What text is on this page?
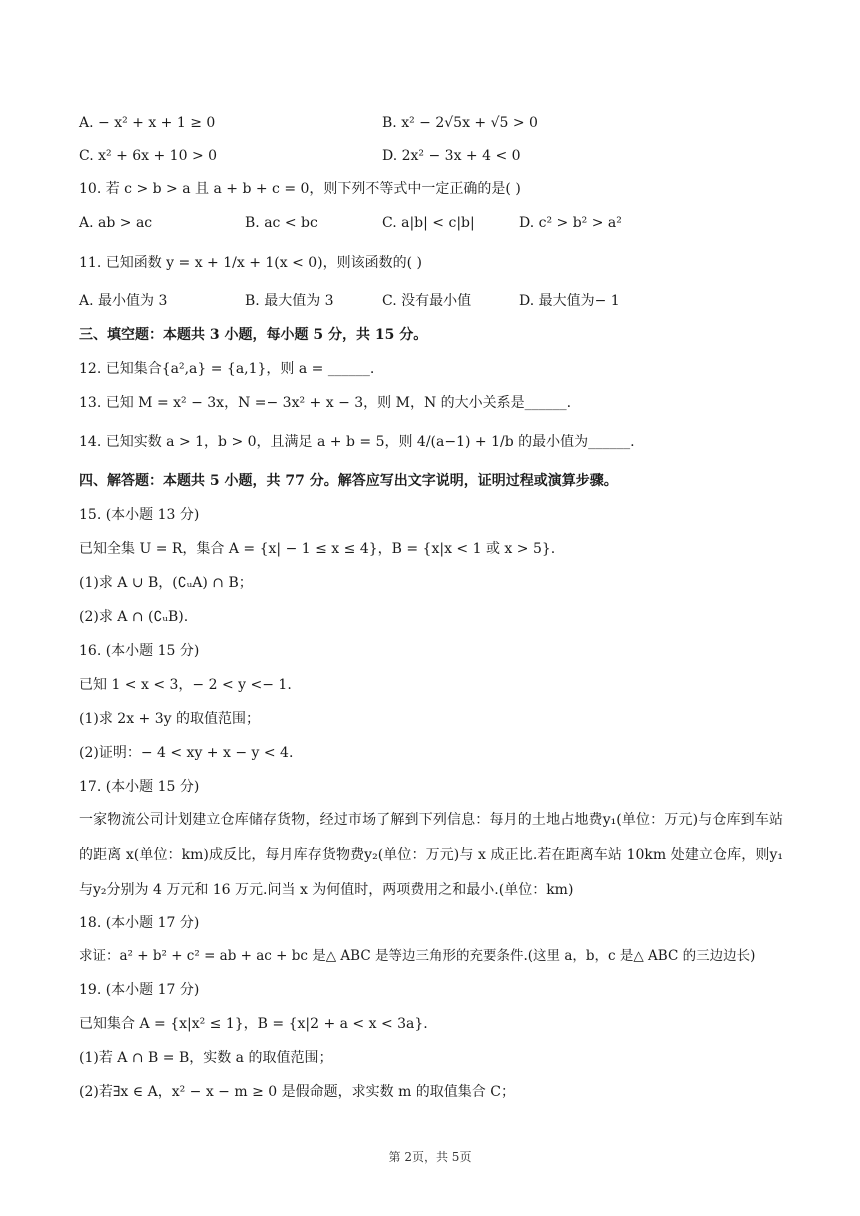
A. − x² + x + 1 ≥ 0	B. x² − 2√5x + √5 > 0
C. x² + 6x + 10 > 0	D. 2x² − 3x + 4 < 0
10. 若 c > b > a 且 a + b + c = 0，则下列不等式中一定正确的是( )
A. ab > ac	B. ac < bc	C. a|b| < c|b|	D. c² > b² > a²
11. 已知函数 y = x + 1/x + 1(x < 0)，则该函数的( )
A. 最小值为 3	B. 最大值为 3	C. 没有最小值	D. 最大值为− 1
三、填空题：本题共 3 小题，每小题 5 分，共 15 分。
12. 已知集合{a²,a} = {a,1}，则 a = ______.
13. 已知 M = x² − 3x，N =− 3x² + x − 3，则 M，N 的大小关系是______.
14. 已知实数 a > 1，b > 0，且满足 a + b = 5，则 4/(a−1) + 1/b 的最小值为______.
四、解答题：本题共 5 小题，共 77 分。解答应写出文字说明，证明过程或演算步骤。
15. (本小题 13 分)
已知全集 U = R，集合 A = {x| − 1 ≤ x ≤ 4}，B = {x|x < 1 或 x > 5}.
(1)求 A ∪ B，(∁ᵤA) ∩ B；
(2)求 A ∩ (∁ᵤB).
16. (本小题 15 分)
已知 1 < x < 3，− 2 < y <− 1.
(1)求 2x + 3y 的取值范围；
(2)证明：− 4 < xy + x − y < 4.
17. (本小题 15 分)
一家物流公司计划建立仓库储存货物，经过市场了解到下列信息：每月的土地占地费y₁(单位：万元)与仓库到车站的距离 x(单位：km)成反比，每月库存货物费y₂(单位：万元)与 x 成正比.若在距离车站 10km 处建立仓库，则y₁与y₂分别为 4 万元和 16 万元.问当 x 为何值时，两项费用之和最小.(单位：km)
18. (本小题 17 分)
求证：a² + b² + c² = ab + ac + bc 是△ ABC 是等边三角形的充要条件.(这里 a，b，c 是△ ABC 的三边边长)
19. (本小题 17 分)
已知集合 A = {x|x² ≤ 1}，B = {x|2 + a < x < 3a}.
(1)若 A ∩ B = B，实数 a 的取值范围；
(2)若∃x ∈ A，x² − x − m ≥ 0 是假命题，求实数 m 的取值集合 C；
第 2页，共 5页
